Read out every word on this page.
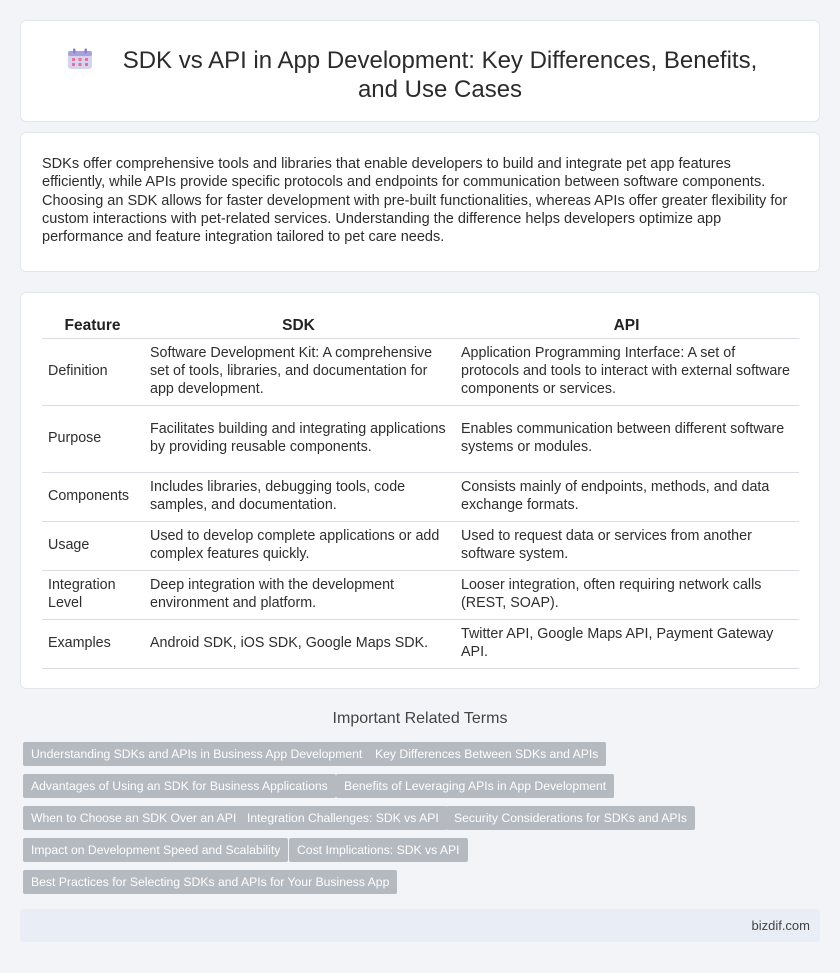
SDK vs API in App Development: Key Differences, Benefits, and Use Cases

SDKs offer comprehensive tools and libraries that enable developers to build and integrate pet app features efficiently, while APIs provide specific protocols and endpoints for communication between software components. Choosing an SDK allows for faster development with pre-built functionalities, whereas APIs offer greater flexibility for custom interactions with pet-related services. Understanding the difference helps developers optimize app performance and feature integration tailored to pet care needs.

Feature	SDK	API
Definition	Software Development Kit: A comprehensive set of tools, libraries, and documentation for app development.	Application Programming Interface: A set of protocols and tools to interact with external software components or services.
Purpose	Facilitates building and integrating applications by providing reusable components.	Enables communication between different software systems or modules.
Components	Includes libraries, debugging tools, code samples, and documentation.	Consists mainly of endpoints, methods, and data exchange formats.
Usage	Used to develop complete applications or add complex features quickly.	Used to request data or services from another software system.
Integration Level	Deep integration with the development environment and platform.	Looser integration, often requiring network calls (REST, SOAP).
Examples	Android SDK, iOS SDK, Google Maps SDK.	Twitter API, Google Maps API, Payment Gateway API.
Important Related Terms
Understanding SDKs and APIs in Business App Development	Key Differences Between SDKs and APIs
Advantages of Using an SDK for Business Applications	Benefits of Leveraging APIs in App Development
When to Choose an SDK Over an API Integration Challenges: SDK vs API	Security Considerations for SDKs and APIs
Impact on Development Speed and Scalability	Cost Implications: SDK vs API
Best Practices for Selecting SDKs and APIs for Your Business App
bizdif.com
